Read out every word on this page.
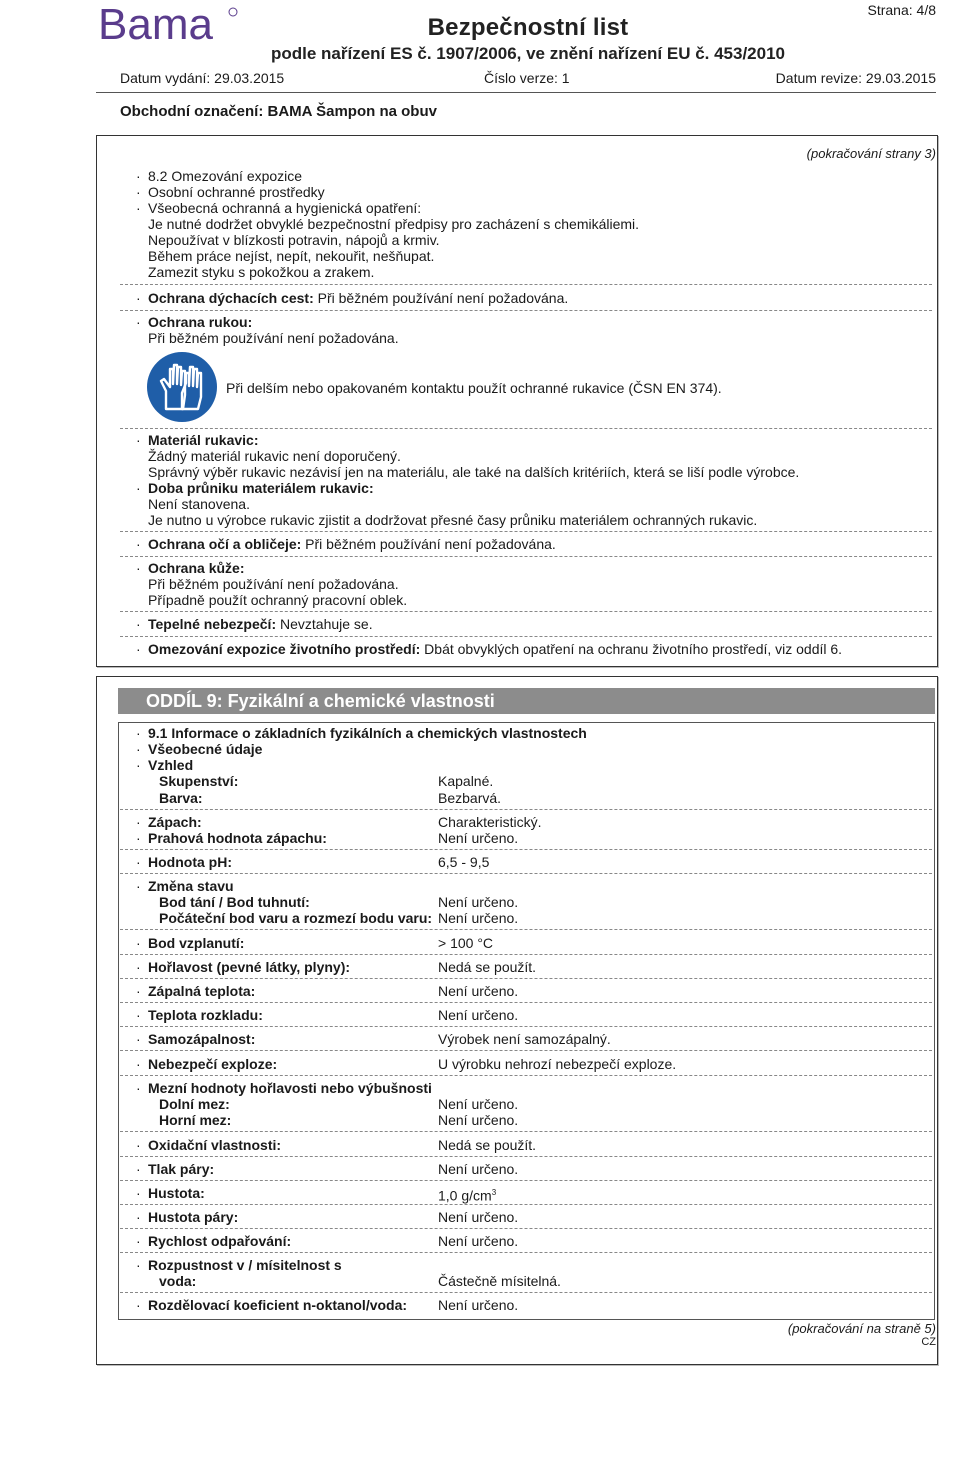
Bama	Strana: 4/8
Bezpečnostní list
podle nařízení ES č. 1907/2006, ve znění nařízení EU č. 453/2010
Datum vydání: 29.03.2015	Číslo verze: 1	Datum revize: 29.03.2015
Obchodní označení: BAMA Šampon na obuv
(pokračování strany 3)
· 8.2 Omezování expozice
· Osobní ochranné prostředky
· Všeobecná ochranná a hygienická opatření:
Je nutné dodržet obvyklé bezpečnostní předpisy pro zacházení s chemikáliemi.
Nepoužívat v blízkosti potravin, nápojů a krmiv.
Během práce nejíst, nepít, nekouřit, nešňupat.
Zamezit styku s pokožkou a zrakem.
· Ochrana dýchacích cest: Při běžném používání není požadována.
· Ochrana rukou:
Při běžném používání není požadována.
Při delším nebo opakovaném kontaktu použít ochranné rukavice (ČSN EN 374).
· Materiál rukavic:
Žádný materiál rukavic není doporučený.
Správný výběr rukavic nezávisí jen na materiálu, ale také na dalších kritériích, která se liší podle výrobce.
· Doba průniku materiálem rukavic:
Není stanovena.
Je nutno u výrobce rukavic zjistit a dodržovat přesné časy průniku materiálem ochranných rukavic.
· Ochrana očí a obličeje: Při běžném používání není požadována.
· Ochrana kůže:
Při běžném používání není požadována.
Případně použít ochranný pracovní oblek.
· Tepelné nebezpečí: Nevztahuje se.
· Omezování expozice životního prostředí: Dbát obvyklých opatření na ochranu životního prostředí, viz oddíl 6.
ODDÍL 9: Fyzikální a chemické vlastnosti
· 9.1 Informace o základních fyzikálních a chemických vlastnostech
· Všeobecné údaje
· Vzhled
Skupenství:	Kapalné.
Barva:	Bezbarvá.
· Zápach:	Charakteristický.
· Prahová hodnota zápachu:	Není určeno.
· Hodnota pH:	6,5 - 9,5
· Změna stavu
Bod tání / Bod tuhnutí:	Není určeno.
Počáteční bod varu a rozmezí bodu varu: Není určeno.
· Bod vzplanutí:	> 100 °C
· Hořlavost (pevné látky, plyny):	Nedá se použít.
· Zápalná teplota:	Není určeno.
· Teplota rozkladu:	Není určeno.
· Samozápalnost:	Výrobek není samozápalný.
· Nebezpečí exploze:	U výrobku nehrozí nebezpečí exploze.
· Mezní hodnoty hořlavosti nebo výbušnosti
Dolní mez:	Není určeno.
Horní mez:	Není určeno.
· Oxidační vlastnosti:	Nedá se použít.
· Tlak páry:	Není určeno.
· Hustota:	1,0 $g/cm^3$
· Hustota páry:	Není určeno.
· Rychlost odpařování:	Není určeno.
· Rozpustnost v / mísitelnost s
voda:	Částečně mísitelná.
· Rozdělovací koeficient n-oktanol/voda: Není určeno.
(pokračování na straně 5)
CZ
